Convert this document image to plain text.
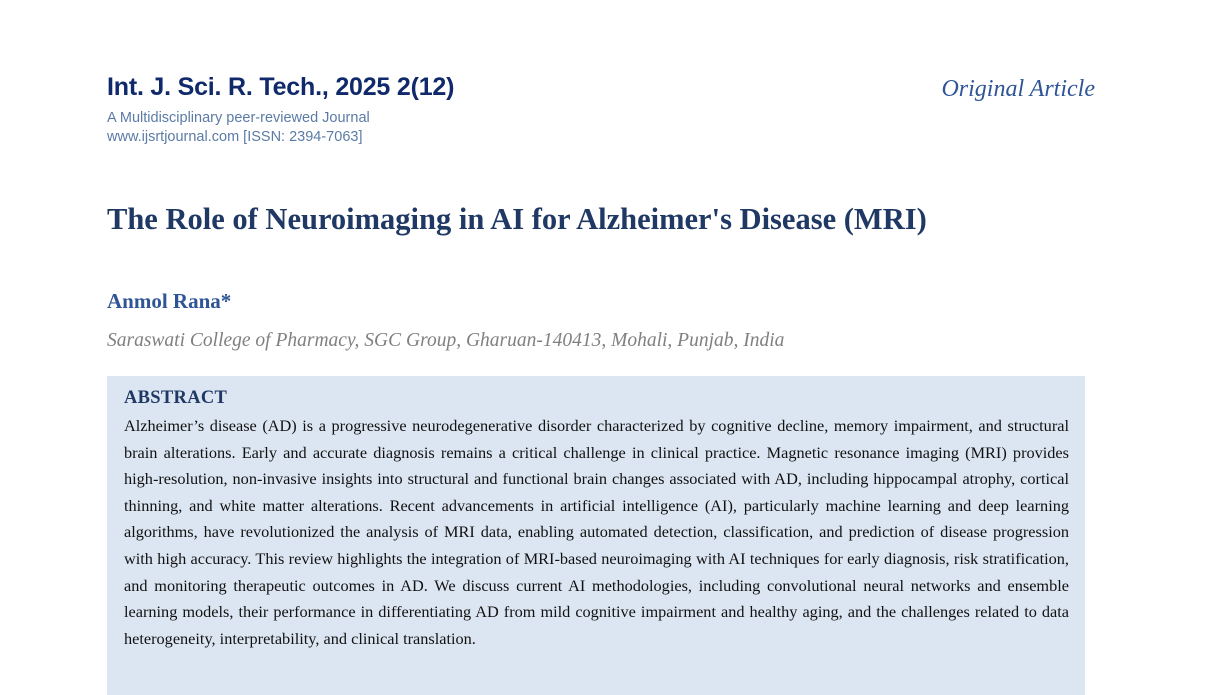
Int. J. Sci. R. Tech., 2025 2(12)
A Multidisciplinary peer-reviewed Journal
www.ijsrtjournal.com [ISSN: 2394-7063]
Original Article
The Role of Neuroimaging in AI for Alzheimer's Disease (MRI)
Anmol Rana*
Saraswati College of Pharmacy, SGC Group, Gharuan-140413, Mohali, Punjab, India
ABSTRACT
Alzheimer’s disease (AD) is a progressive neurodegenerative disorder characterized by cognitive decline, memory impairment, and structural brain alterations. Early and accurate diagnosis remains a critical challenge in clinical practice. Magnetic resonance imaging (MRI) provides high-resolution, non-invasive insights into structural and functional brain changes associated with AD, including hippocampal atrophy, cortical thinning, and white matter alterations. Recent advancements in artificial intelligence (AI), particularly machine learning and deep learning algorithms, have revolutionized the analysis of MRI data, enabling automated detection, classification, and prediction of disease progression with high accuracy. This review highlights the integration of MRI-based neuroimaging with AI techniques for early diagnosis, risk stratification, and monitoring therapeutic outcomes in AD. We discuss current AI methodologies, including convolutional neural networks and ensemble learning models, their performance in differentiating AD from mild cognitive impairment and healthy aging, and the challenges related to data heterogeneity, interpretability, and clinical translation.
